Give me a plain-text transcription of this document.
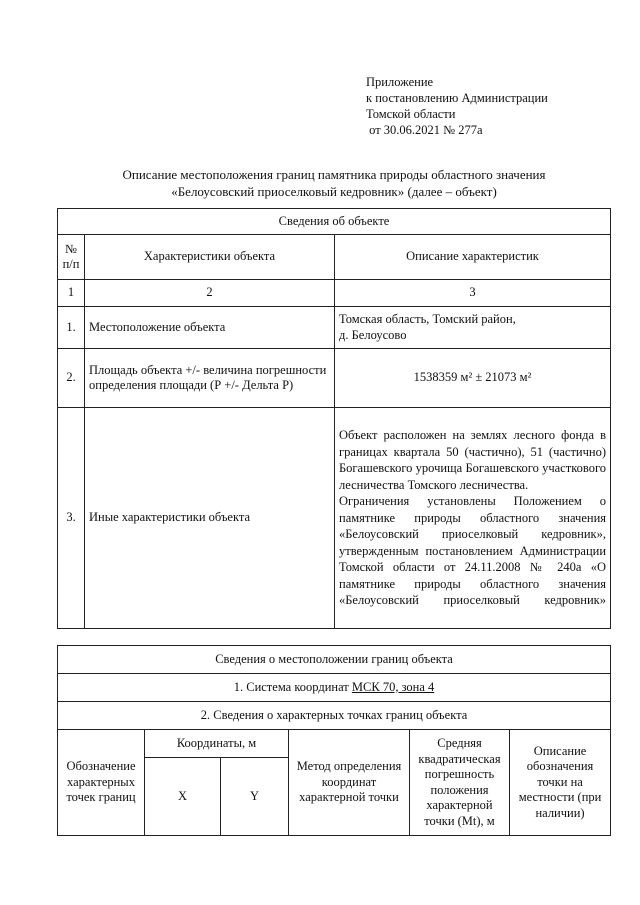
Приложение
к постановлению Администрации
Томской области
от 30.06.2021 № 277а
Описание местоположения границ памятника природы областного значения
«Белоусовский приоселковый кедровник» (далее – объект)
Сведения об объекте		
№ п/п	Характеристики объекта	Описание характеристик
1	2	3
1.	Местоположение объекта	Томская область, Томский район,
д. Белоусово

2.	Площадь объекта +/- величина погрешности определения площади (Р +/- Дельта Р)	1538359 м² ± 21073 м²
3.	Иные характеристики объекта	Объект расположен на землях лесного фонда в границах квартала 50 (частично), 51 (частично) Богашевского урочища Богашевского участкового лесничества Томского лесничества.
Ограничения установлены Положением о памятнике природы областного значения «Белоусовский приоселковый кедровник», утвержденным постановлением Администрации Томской области от 24.11.2008 № 240а «О памятнике природы областного значения «Белоусовский приоселковый кедровник»
Сведения о местоположении границ объекта					
1. Система координат МСК 70, зона 4					
2. Сведения о характерных точках границ объекта					
Обозначение характерных точек границ	Координаты, м		Метод определения координат характерной точки	Средняя квадратическая погрешность положения характерной точки (Mt), м	Описание обозначения точки на местности (при наличии)
	X	Y			
